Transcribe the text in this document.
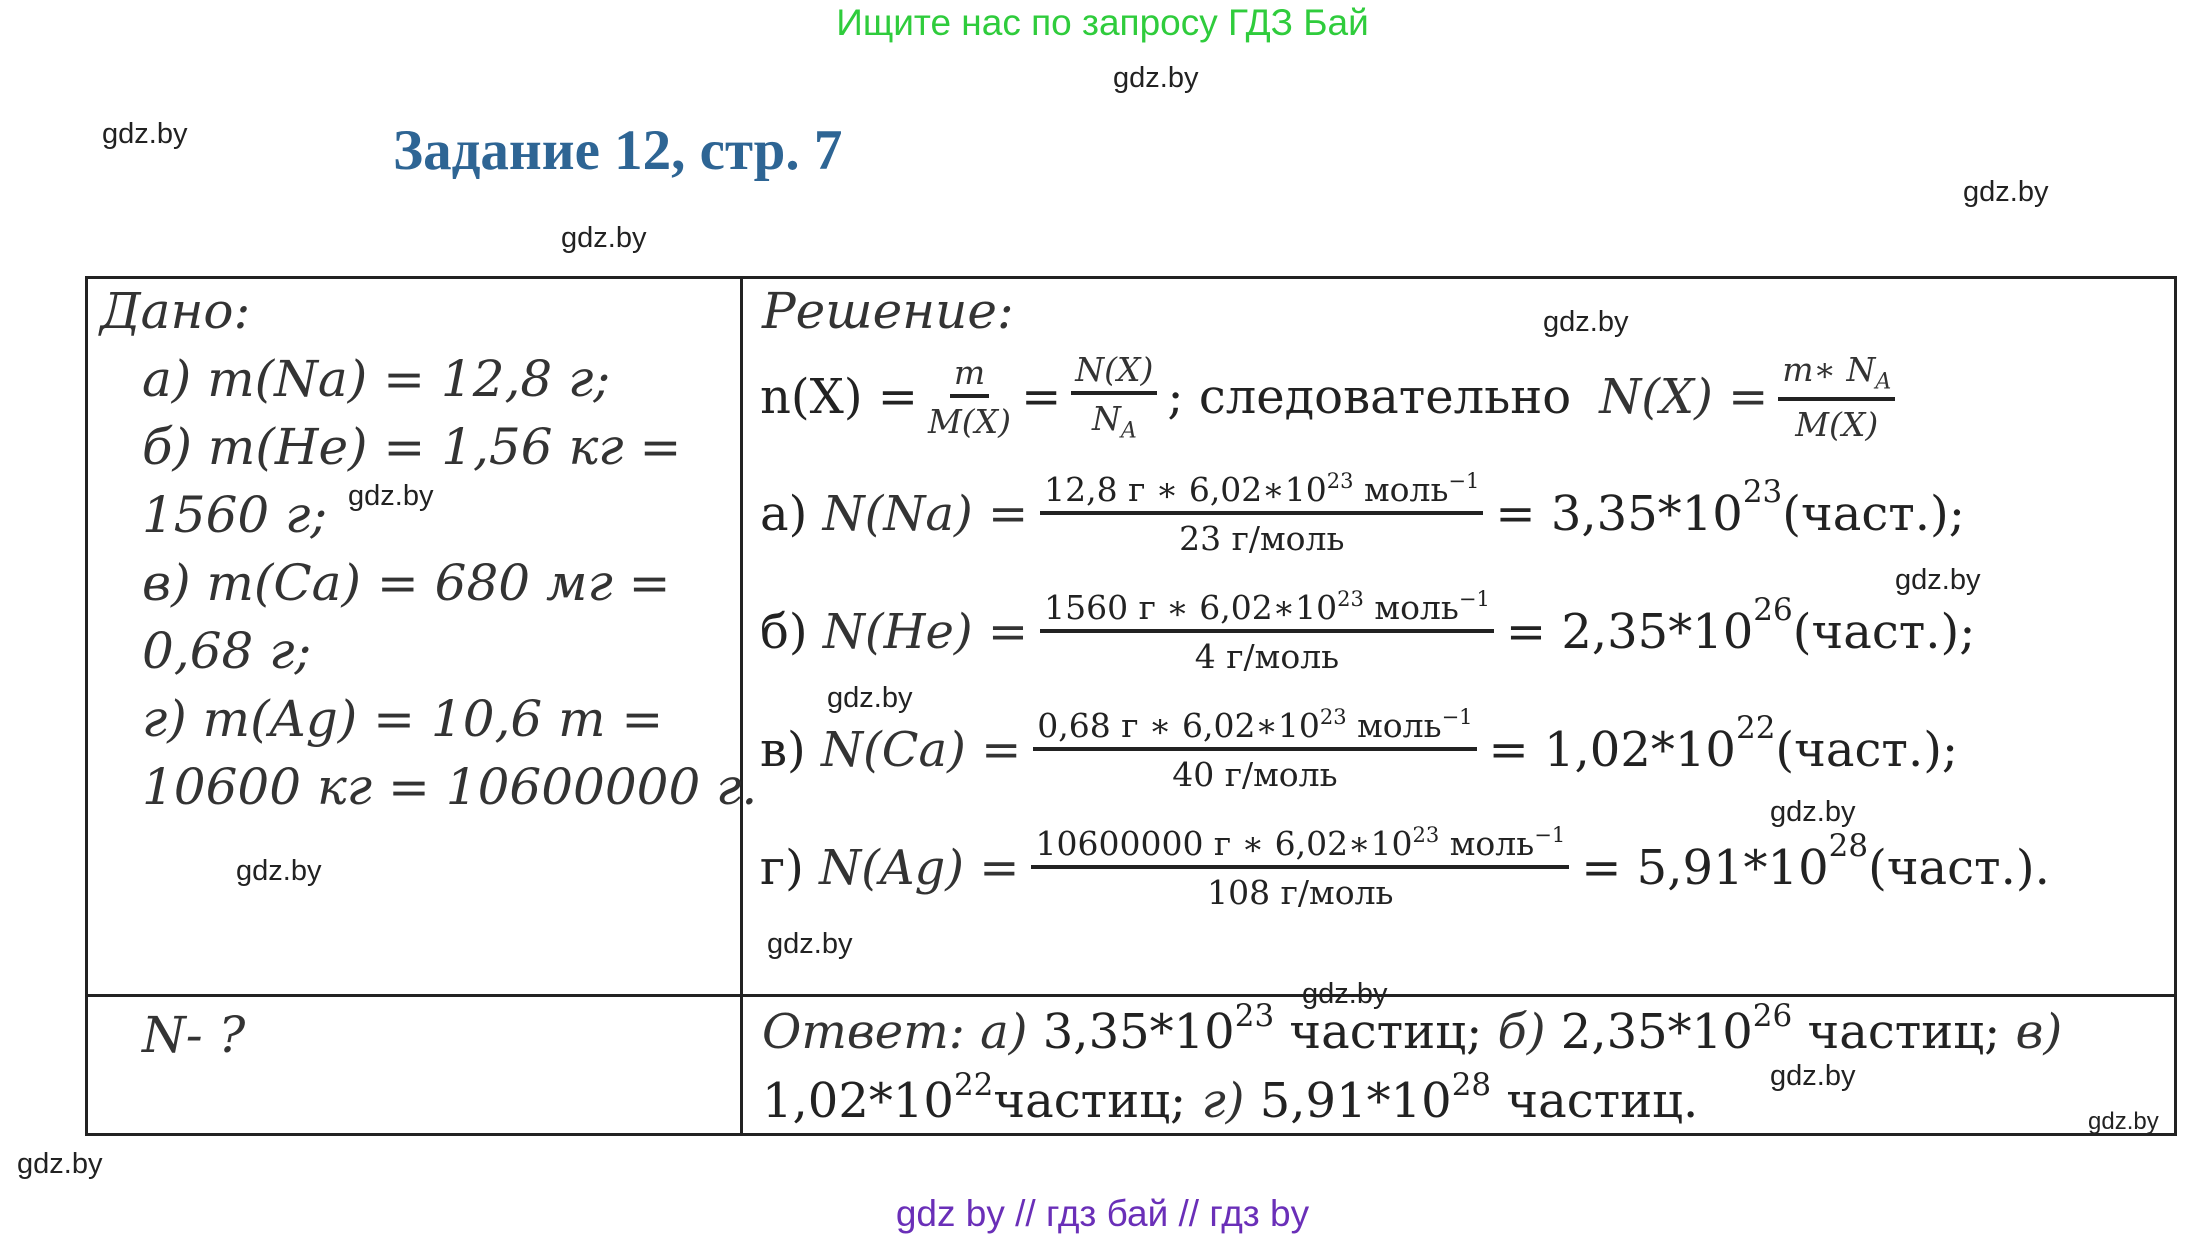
Ищите нас по запросу ГДЗ Бай
gdz.by
gdz.by
gdz.by
gdz.by
Задание 12, стр. 7
Дано:
а) m(Na) = 12,8 г;
б) m(He) = 1,56 кг =
1560 г;
в) m(Ca) = 680 мг =
0,68 г;
г) m(Ag) = 10,6 т =
10600 кг = 10600000 г.
N- ?
gdz.by
gdz.by
Решение:	gdz.by
$n(X) = \frac{m}{M(X)} = \frac{N(X)}{N_A}$ ; следовательно $N(X) = \frac{m∗ N_A}{M(X)}$
а)
$N(Na) = \frac{12,8 г ∗ 6,02∗10^{23} моль^{-1}}{\text{23 г/моль}} = 3,35*10$ 23 (част.);
gdz.by
б)
$N(He) = \frac{1560 г ∗ 6,02∗10^{23} моль^{-1}}{\text{4 г/моль}} = 2,35*10$ 26 (част.);
gdz.by
в)
$N(Ca) = \frac{0,68 г ∗ 6,02∗10^{23} моль^{-1}}{\text{40 г/моль}} = 1,02*10$ 22 (част.);
gdz.by
г)
$N(Ag) = \frac{10600000 г ∗ 6,02∗10^{23} моль^{-1}}{\text{108 г/моль}} = 5,91*10$ 28 (част.).
gdz.by
gdz.by
Ответ: а) $3,35*10^{23}$ частиц; б) $2,35*10^{26}$ частиц; в)
$1,02*10^{22}частиц$; г) $5,91*10^{28}$ частиц. gdz.by
gdz.by
gdz.by
gdz by // гдз бай // гдз by
